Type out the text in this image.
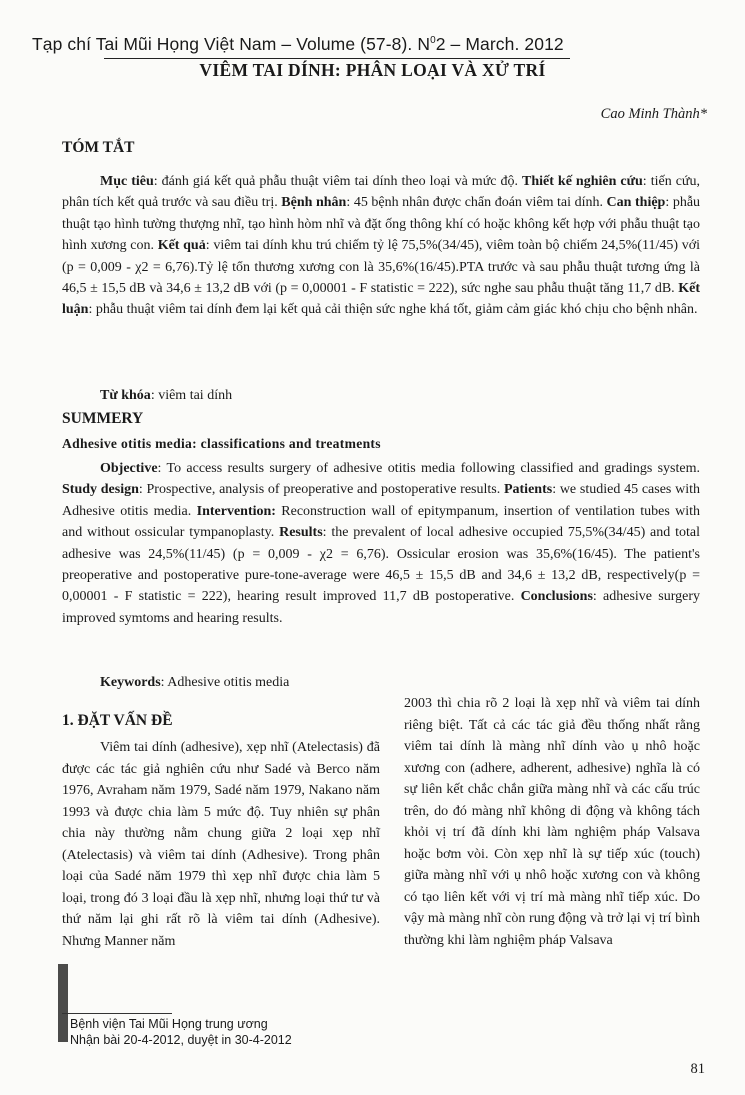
Tạp chí Tai Mũi Họng Việt Nam – Volume (57-8). $N^02$ – March. 2012
VIÊM TAI DÍNH: PHÂN LOẠI VÀ XỬ TRÍ
Cao Minh Thành*
TÓM TẮT
Mục tiêu: đánh giá kết quả phẫu thuật viêm tai dính theo loại và mức độ. Thiết kế nghiên cứu: tiến cứu, phân tích kết quả trước và sau điều trị. Bệnh nhân: 45 bệnh nhân được chẩn đoán viêm tai dính. Can thiệp: phẫu thuật tạo hình tường thượng nhĩ, tạo hình hòm nhĩ và đặt ống thông khí có hoặc không kết hợp với phẫu thuật tạo hình xương con. Kết quả: viêm tai dính khu trú chiếm tỷ lệ 75,5%(34/45), viêm toàn bộ chiếm 24,5%(11/45) với (p = 0,009 - χ2 = 6,76).Tỷ lệ tổn thương xương con là 35,6%(16/45).PTA trước và sau phẫu thuật tương ứng là 46,5 ± 15,5 dB và 34,6 ± 13,2 dB với (p = 0,00001 - F statistic = 222), sức nghe sau phẫu thuật tăng 11,7 dB. Kết luận: phẫu thuật viêm tai dính đem lại kết quả cải thiện sức nghe khá tốt, giảm cảm giác khó chịu cho bệnh nhân.
Từ khóa: viêm tai dính
SUMMERY
Adhesive otitis media: classifications and treatments
Objective: To access results surgery of adhesive otitis media following classified and gradings system. Study design: Prospective, analysis of preoperative and postoperative results. Patients: we studied 45 cases with Adhesive otitis media. Intervention: Reconstruction wall of epitympanum, insertion of ventilation tubes with and without ossicular tympanoplasty. Results: the prevalent of local adhesive occupied 75,5%(34/45) and total adhesive was 24,5%(11/45) (p = 0,009 - χ2 = 6,76). Ossicular erosion was 35,6%(16/45). The patient's preoperative and postoperative pure-tone-average were 46,5 ± 15,5 dB and 34,6 ± 13,2 dB, respectively(p = 0,00001 - F statistic = 222), hearing result improved 11,7 dB postoperative. Conclusions: adhesive surgery improved symtoms and hearing results.
Keywords: Adhesive otitis media
1. ĐẶT VẤN ĐỀ
Viêm tai dính (adhesive), xẹp nhĩ (Atelectasis) đã được các tác giả nghiên cứu như Sadé và Berco năm 1976, Avraham năm 1979, Sadé năm 1979, Nakano năm 1993 và được chia làm 5 mức độ. Tuy nhiên sự phân chia này thường nằm chung giữa 2 loại xẹp nhĩ (Atelectasis) và viêm tai dính (Adhesive). Trong phân loại của Sadé năm 1979 thì xẹp nhĩ được chia làm 5 loại, trong đó 3 loại đầu là xẹp nhĩ, nhưng loại thứ tư và thứ năm lại ghi rất rõ là viêm tai dính (Adhesive). Nhưng Manner năm
2003 thì chia rõ 2 loại là xẹp nhĩ và viêm tai dính riêng biệt. Tất cả các tác giả đều thống nhất rằng viêm tai dính là màng nhĩ dính vào ụ nhô hoặc xương con (adhere, adherent, adhesive) nghĩa là có sự liên kết chắc chắn giữa màng nhĩ và các cấu trúc trên, do đó màng nhĩ không di động và không tách khỏi vị trí đã dính khi làm nghiệm pháp Valsava hoặc bơm vòi. Còn xẹp nhĩ là sự tiếp xúc (touch) giữa màng nhĩ với ụ nhô hoặc xương con và không có tạo liên kết với vị trí mà màng nhĩ tiếp xúc. Do vậy mà màng nhĩ còn rung động và trở lại vị trí bình thường khi làm nghiệm pháp Valsava
Bệnh viện Tai Mũi Họng trung ương
Nhận bài 20-4-2012, duyệt in 30-4-2012
81
